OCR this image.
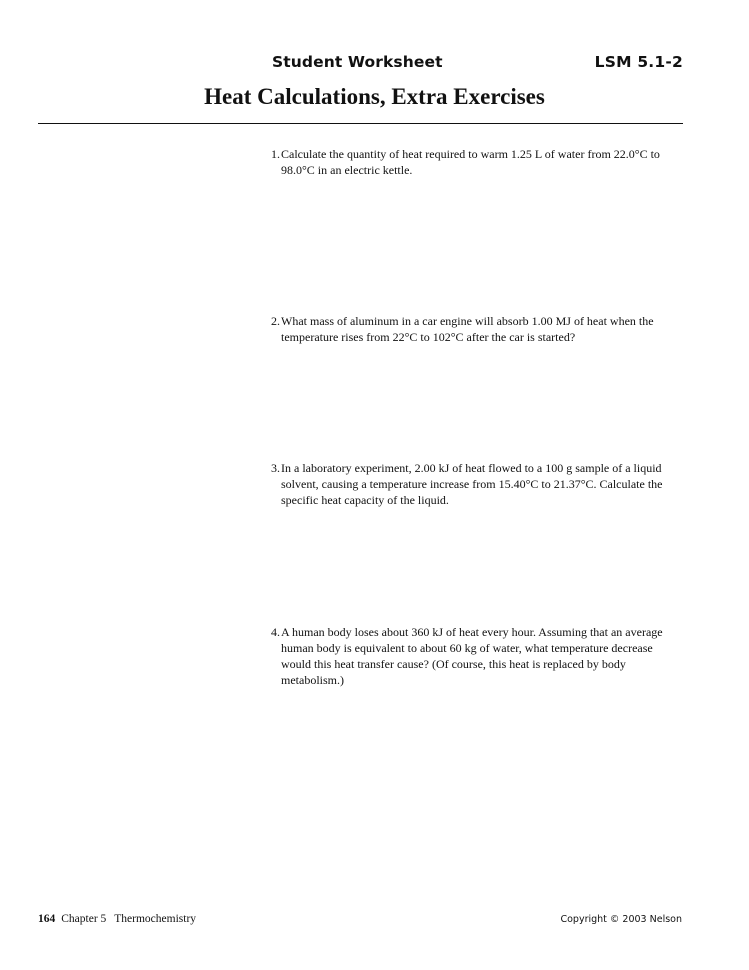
Student Worksheet	LSM 5.1-2
Heat Calculations, Extra Exercises
1. Calculate the quantity of heat required to warm 1.25 L of water from 22.0°C to 98.0°C in an electric kettle.
2. What mass of aluminum in a car engine will absorb 1.00 MJ of heat when the temperature rises from 22°C to 102°C after the car is started?
3. In a laboratory experiment, 2.00 kJ of heat flowed to a 100 g sample of a liquid solvent, causing a temperature increase from 15.40°C to 21.37°C. Calculate the specific heat capacity of the liquid.
4. A human body loses about 360 kJ of heat every hour. Assuming that an average human body is equivalent to about 60 kg of water, what temperature decrease would this heat transfer cause? (Of course, this heat is replaced by body metabolism.)
164 Chapter 5 Thermochemistry	Copyright © 2003 Nelson
